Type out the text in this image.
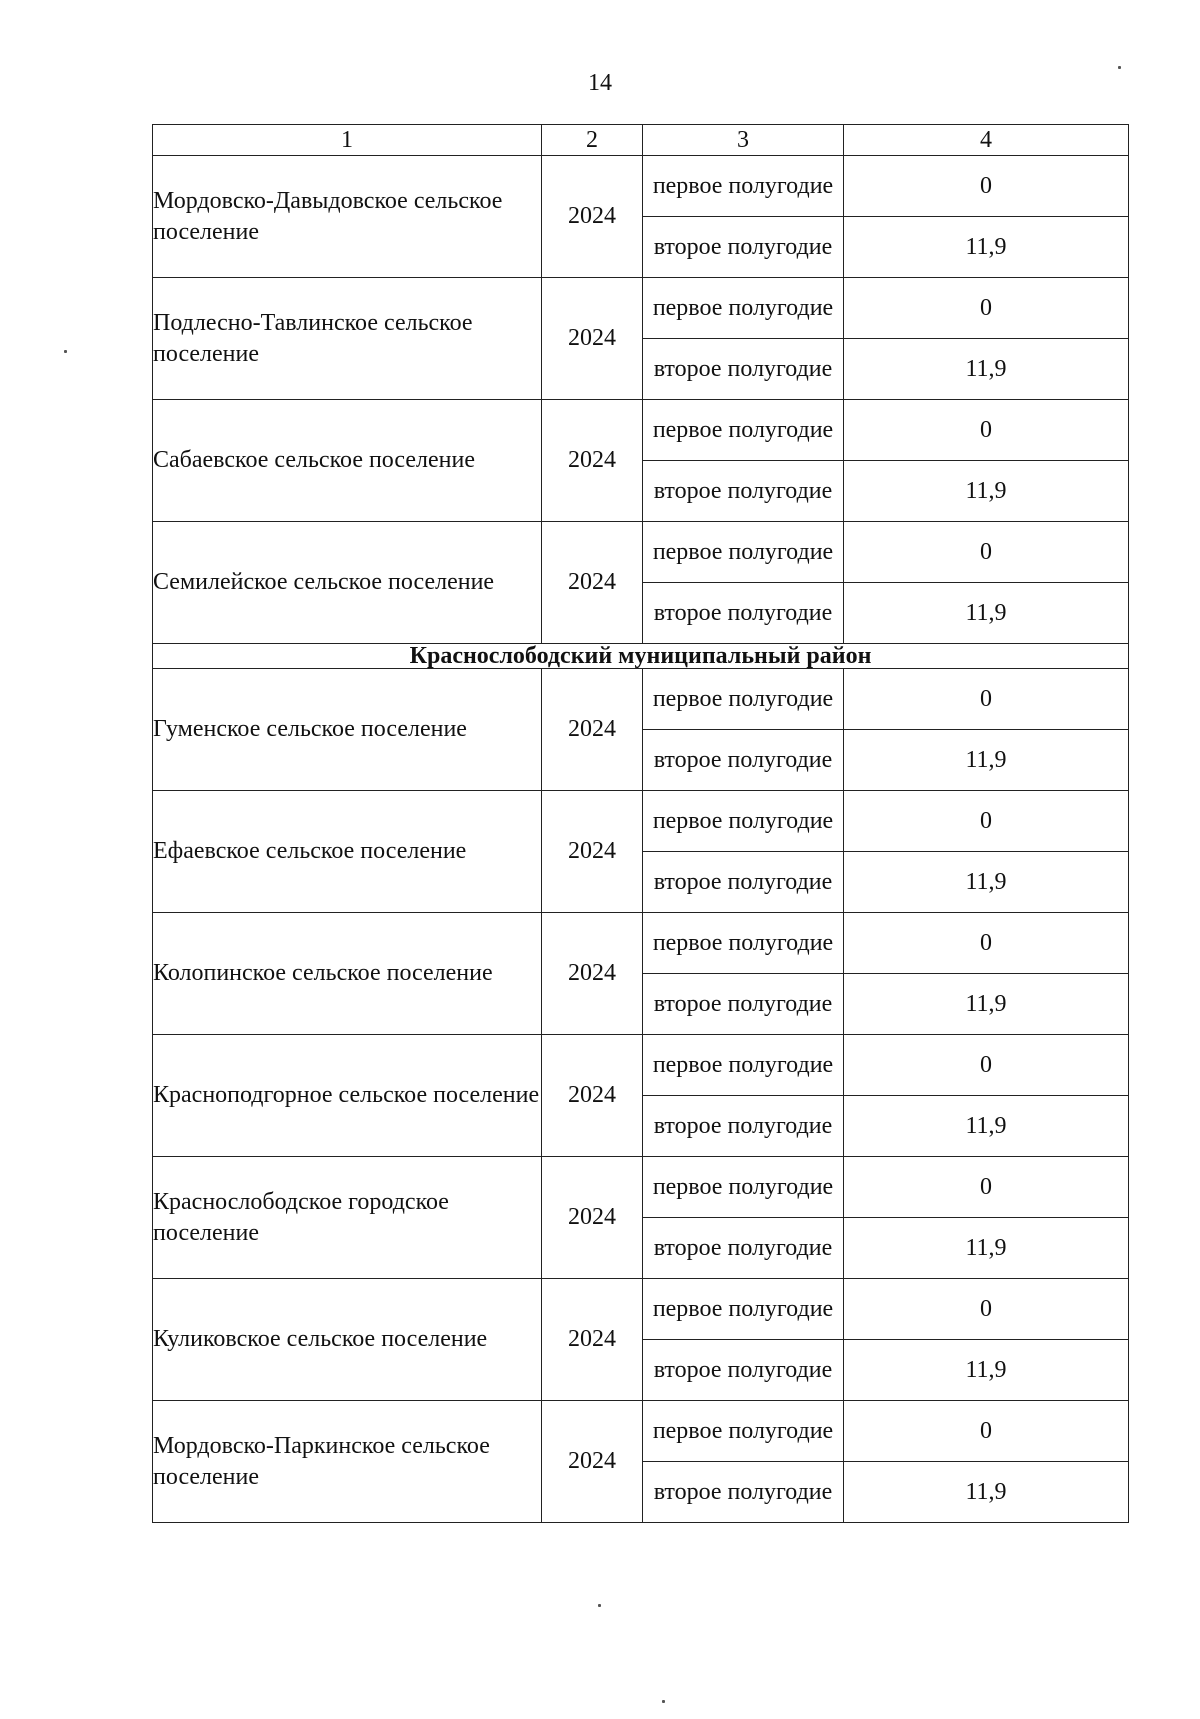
14
1	2	3	4
Мордовско-Давыдовское сельское поселение	2024	первое полугодие	0
		второе полугодие	11,9
Подлесно-Тавлинское сельское поселение	2024	первое полугодие	0
		второе полугодие	11,9
Сабаевское сельское поселение	2024	первое полугодие	0
		второе полугодие	11,9
Семилейское сельское поселение	2024	первое полугодие	0
		второе полугодие	11,9
Краснослободский муниципальный район			
Гуменское сельское поселение	2024	первое полугодие	0
		второе полугодие	11,9
Ефаевское сельское поселение	2024	первое полугодие	0
		второе полугодие	11,9
Колопинское сельское поселение	2024	первое полугодие	0
		второе полугодие	11,9
Красноподгорное сельское поселение	2024	первое полугодие	0
		второе полугодие	11,9
Краснослободское городское поселение	2024	первое полугодие	0
		второе полугодие	11,9
Куликовское сельское поселение	2024	первое полугодие	0
		второе полугодие	11,9
Мордовско-Паркинское сельское поселение	2024	первое полугодие	0
		второе полугодие	11,9
